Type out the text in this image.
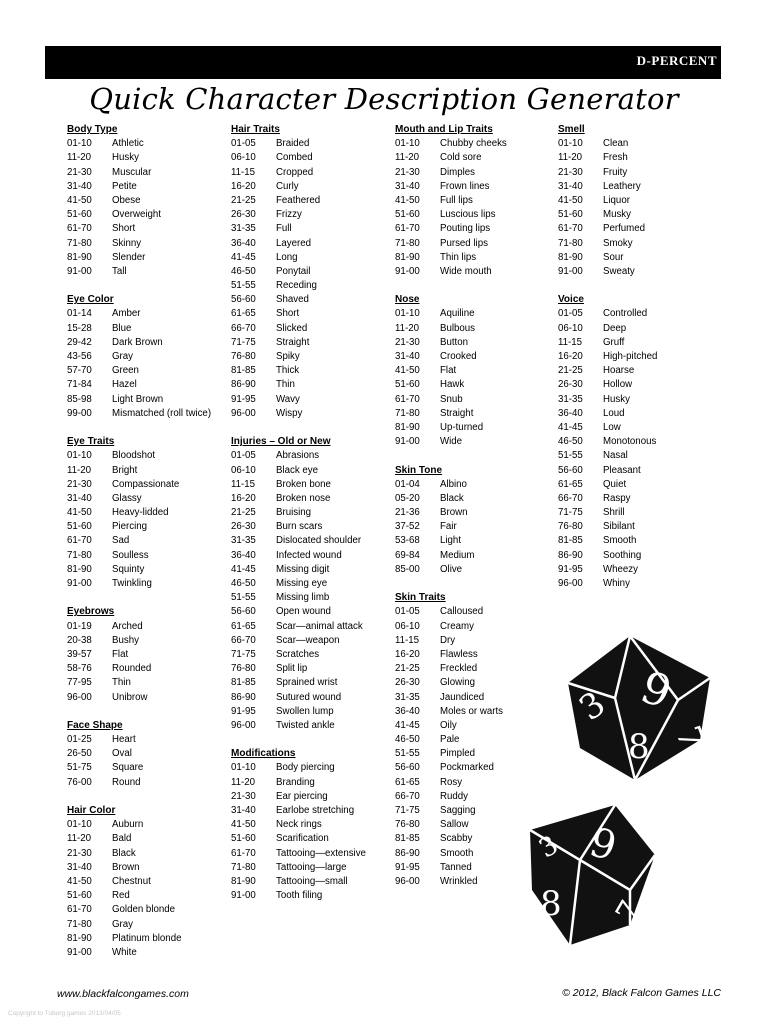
D-PERCENT
Quick Character Description Generator
Body Type
01-10	Athletic
11-20	Husky
21-30	Muscular
31-40	Petite
41-50	Obese
51-60	Overweight
61-70	Short
71-80	Skinny
81-90	Slender
91-00	Tall
Eye Color
01-14	Amber
15-28	Blue
29-42	Dark Brown
43-56	Gray
57-70	Green
71-84	Hazel
85-98	Light Brown
99-00	Mismatched (roll twice)
Eye Traits
01-10	Bloodshot
11-20	Bright
21-30	Compassionate
31-40	Glassy
41-50	Heavy-lidded
51-60	Piercing
61-70	Sad
71-80	Soulless
81-90	Squinty
91-00	Twinkling
Eyebrows
01-19	Arched
20-38	Bushy
39-57	Flat
58-76	Rounded
77-95	Thin
96-00	Unibrow
Face Shape
01-25	Heart
26-50	Oval
51-75	Square
76-00	Round
Hair Color
01-10	Auburn
11-20	Bald
21-30	Black
31-40	Brown
41-50	Chestnut
51-60	Red
61-70	Golden blonde
71-80	Gray
81-90	Platinum blonde
91-00	White
Hair Traits
01-05	Braided
06-10	Combed
11-15	Cropped
16-20	Curly
21-25	Feathered
26-30	Frizzy
31-35	Full
36-40	Layered
41-45	Long
46-50	Ponytail
51-55	Receding
56-60	Shaved
61-65	Short
66-70	Slicked
71-75	Straight
76-80	Spiky
81-85	Thick
86-90	Thin
91-95	Wavy
96-00	Wispy
Injuries – Old or New
01-05	Abrasions
06-10	Black eye
11-15	Broken bone
16-20	Broken nose
21-25	Bruising
26-30	Burn scars
31-35	Dislocated shoulder
36-40	Infected wound
41-45	Missing digit
46-50	Missing eye
51-55	Missing limb
56-60	Open wound
61-65	Scar—animal attack
66-70	Scar—weapon
71-75	Scratches
76-80	Split lip
81-85	Sprained wrist
86-90	Sutured wound
91-95	Swollen lump
96-00	Twisted ankle
Modifications
01-10	Body piercing
11-20	Branding
21-30	Ear piercing
31-40	Earlobe stretching
41-50	Neck rings
51-60	Scarification
61-70	Tattooing—extensive
71-80	Tattooing—large
81-90	Tattooing—small
91-00	Tooth filing
Mouth and Lip Traits
01-10	Chubby cheeks
11-20	Cold sore
21-30	Dimples
31-40	Frown lines
41-50	Full lips
51-60	Luscious lips
61-70	Pouting lips
71-80	Pursed lips
81-90	Thin lips
91-00	Wide mouth
Nose
01-10	Aquiline
11-20	Bulbous
21-30	Button
31-40	Crooked
41-50	Flat
51-60	Hawk
61-70	Snub
71-80	Straight
81-90	Up-turned
91-00	Wide
Skin Tone
01-04	Albino
05-20	Black
21-36	Brown
37-52	Fair
53-68	Light
69-84	Medium
85-00	Olive
Skin Traits
01-05	Calloused
06-10	Creamy
11-15	Dry
16-20	Flawless
21-25	Freckled
26-30	Glowing
31-35	Jaundiced
36-40	Moles or warts
41-45	Oily
46-50	Pale
51-55	Pimpled
56-60	Pockmarked
61-65	Rosy
66-70	Ruddy
71-75	Sagging
76-80	Sallow
81-85	Scabby
86-90	Smooth
91-95	Tanned
96-00	Wrinkled
Smell
01-10	Clean
11-20	Fresh
21-30	Fruity
31-40	Leathery
41-50	Liquor
51-60	Musky
61-70	Perfumed
71-80	Smoky
81-90	Sour
91-00	Sweaty
Voice
01-05	Controlled
06-10	Deep
11-15	Gruff
16-20	High-pitched
21-25	Hoarse
26-30	Hollow
31-35	Husky
36-40	Loud
41-45	Low
46-50	Monotonous
51-55	Nasal
56-60	Pleasant
61-65	Quiet
66-70	Raspy
71-75	Shrill
76-80	Sibilant
81-85	Smooth
86-90	Soothing
91-95	Wheezy
96-00	Whiny
9
3
7
8
9
3
7
8
www.blackfalcongames.com	© 2012, Black Falcon Games LLC
Copyright to Tuborg games 2013/04/05
